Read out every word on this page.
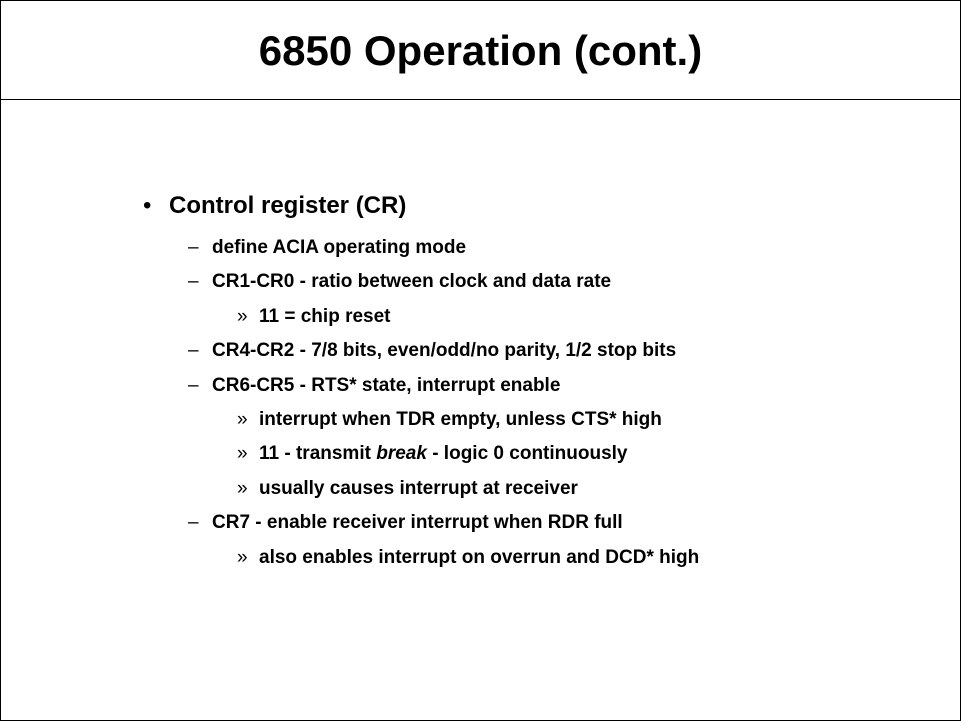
6850 Operation (cont.)
• Control register (CR)
– define ACIA operating mode
– CR1-CR0 - ratio between clock and data rate
» 11 = chip reset
– CR4-CR2 - 7/8 bits, even/odd/no parity, 1/2 stop bits
– CR6-CR5 - RTS* state, interrupt enable
» interrupt when TDR empty, unless CTS* high
» 11 - transmit break - logic 0 continuously
» usually causes interrupt at receiver
– CR7 - enable receiver interrupt when RDR full
» also enables interrupt on overrun and DCD* high
